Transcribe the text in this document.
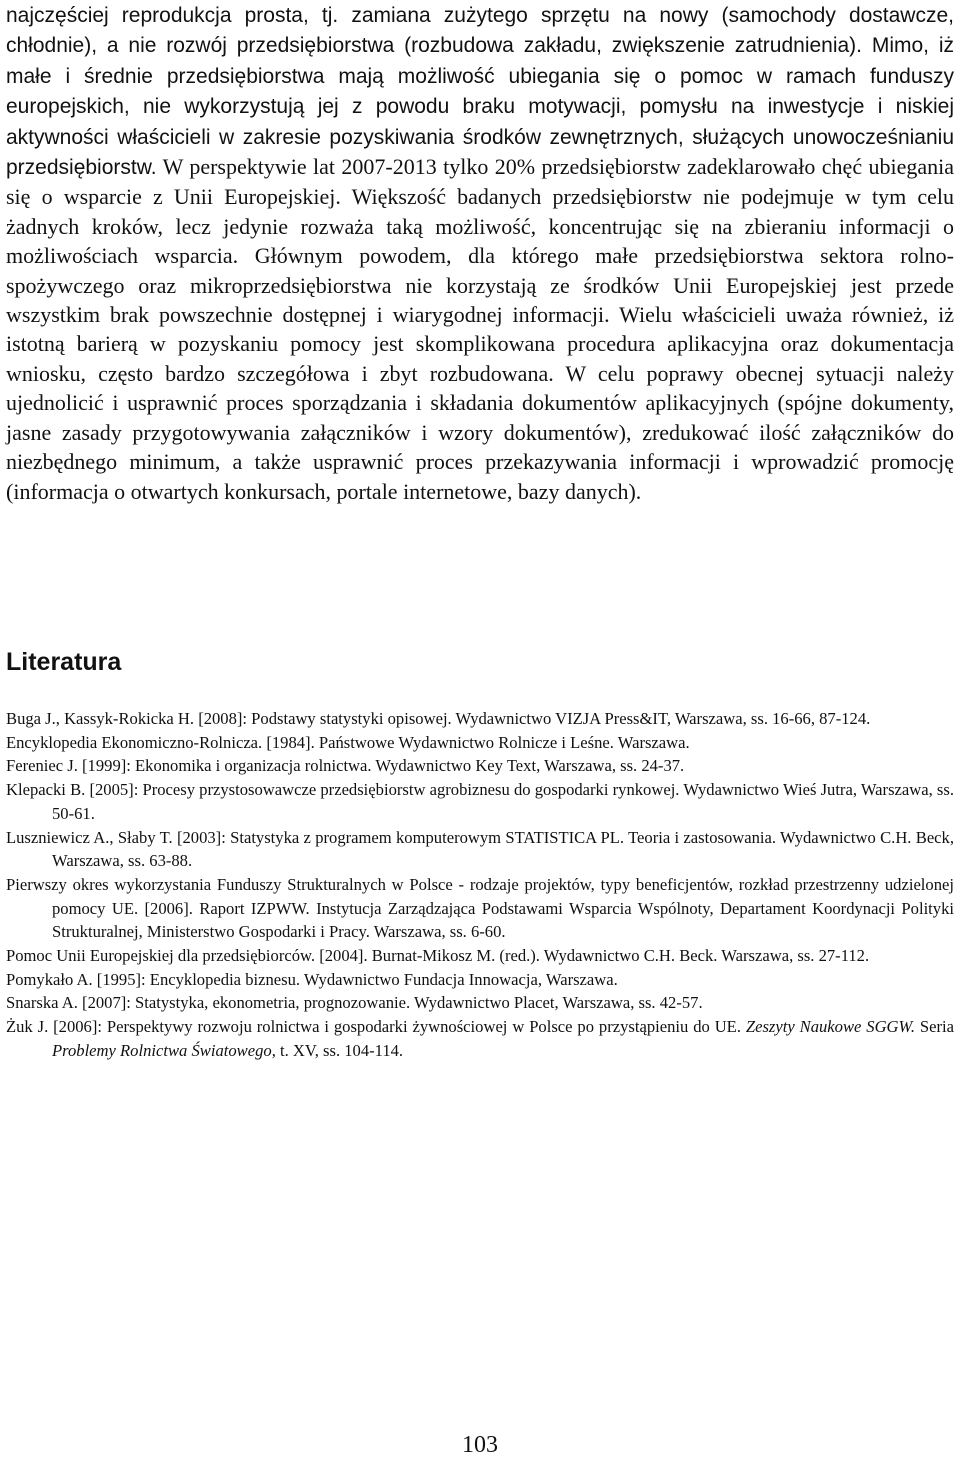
najczęściej reprodukcja prosta, tj. zamiana zużytego sprzętu na nowy (samochody dostawcze, chłodnie), a nie rozwój przedsiębiorstwa (rozbudowa zakładu, zwiększenie zatrudnienia). Mimo, iż małe i średnie przedsiębiorstwa mają możliwość ubiegania się o pomoc w ramach funduszy europejskich, nie wykorzystują jej z powodu braku motywacji, pomysłu na inwestycje i niskiej aktywności właścicieli w zakresie pozyskiwania środków zewnętrznych, służących unowocześnianiu przedsiębiorstw. W perspektywie lat 2007-2013 tylko 20% przedsiębiorstw zadeklarowało chęć ubiegania się o wsparcie z Unii Europejskiej. Większość badanych przedsiębiorstw nie podejmuje w tym celu żadnych kroków, lecz jedynie rozważa taką możliwość, koncentrując się na zbieraniu informacji o możliwościach wsparcia. Głównym powodem, dla którego małe przedsiębiorstwa sektora rolno-spożywczego oraz mikroprzedsiębiorstwa nie korzystają ze środków Unii Europejskiej jest przede wszystkim brak powszechnie dostępnej i wiarygodnej informacji. Wielu właścicieli uważa również, iż istotną barierą w pozyskaniu pomocy jest skomplikowana procedura aplikacyjna oraz dokumentacja wniosku, często bardzo szczegółowa i zbyt rozbudowana. W celu poprawy obecnej sytuacji należy ujednolicić i usprawnić proces sporządzania i składania dokumentów aplikacyjnych (spójne dokumenty, jasne zasady przygotowywania załączników i wzory dokumentów), zredukować ilość załączników do niezbędnego minimum, a także usprawnić proces przekazywania informacji i wprowadzić promocję (informacja o otwartych konkursach, portale internetowe, bazy danych).

Literatura
Buga J., Kassyk-Rokicka H. [2008]: Podstawy statystyki opisowej. Wydawnictwo VIZJA Press&IT, Warszawa, ss. 16-66, 87-124.
Encyklopedia Ekonomiczno-Rolnicza. [1984]. Państwowe Wydawnictwo Rolnicze i Leśne. Warszawa.
Fereniec J. [1999]: Ekonomika i organizacja rolnictwa. Wydawnictwo Key Text, Warszawa, ss. 24-37.
Klepacki B. [2005]: Procesy przystosowawcze przedsiębiorstw agrobiznesu do gospodarki rynkowej. Wydawnictwo Wieś Jutra, Warszawa, ss. 50-61.
Luszniewicz A., Słaby T. [2003]: Statystyka z programem komputerowym STATISTICA PL. Teoria i zastosowania. Wydawnictwo C.H. Beck, Warszawa, ss. 63-88.
Pierwszy okres wykorzystania Funduszy Strukturalnych w Polsce - rodzaje projektów, typy beneficjentów, rozkład przestrzenny udzielonej pomocy UE. [2006]. Raport IZPWW. Instytucja Zarządzająca Podstawami Wsparcia Wspólnoty, Departament Koordynacji Polityki Strukturalnej, Ministerstwo Gospodarki i Pracy. Warszawa, ss. 6-60.
Pomoc Unii Europejskiej dla przedsiębiorców. [2004]. Burnat-Mikosz M. (red.). Wydawnictwo C.H. Beck. Warszawa, ss. 27-112.
Pomykało A. [1995]: Encyklopedia biznesu. Wydawnictwo Fundacja Innowacja, Warszawa.
Snarska A. [2007]: Statystyka, ekonometria, prognozowanie. Wydawnictwo Placet, Warszawa, ss. 42-57.
Żuk J. [2006]: Perspektywy rozwoju rolnictwa i gospodarki żywnościowej w Polsce po przystąpieniu do UE. Zeszyty Naukowe SGGW. Seria Problemy Rolnictwa Światowego, t. XV, ss. 104-114.
103
